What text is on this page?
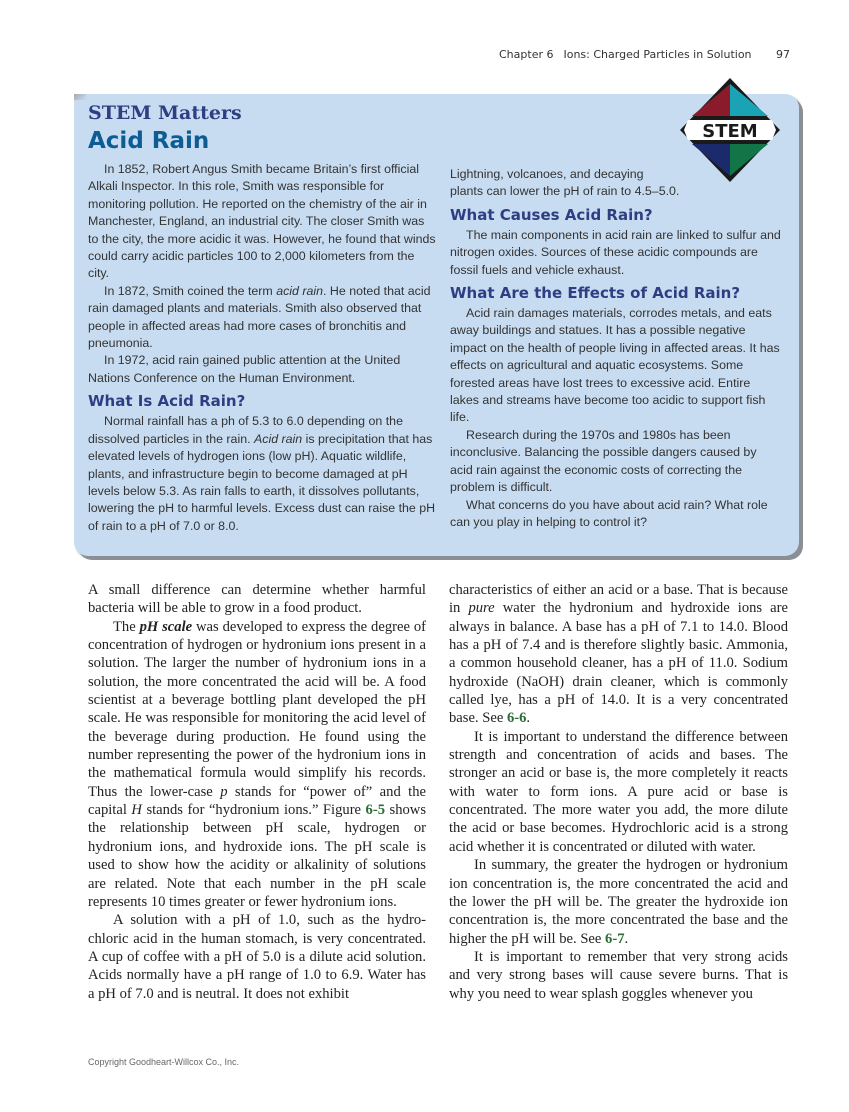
Chapter 6 Ions: Charged Particles in Solution 97
STEM Matters
Acid Rain

In 1852, Robert Angus Smith became Britain’s first official Alkali Inspector. In this role, Smith was responsible for monitoring pollution. He reported on the chemistry of the air in Manchester, England, an industrial city. The closer Smith was to the city, the more acidic it was. However, he found that winds could carry acidic particles 100 to 2,000 kilometers from the city.

In 1872, Smith coined the term acid rain. He noted that acid rain damaged plants and materials. Smith also observed that people in affected areas had more cases of bronchitis and pneumonia.

In 1972, acid rain gained public attention at the United Nations Conference on the Human Environment.

What Is Acid Rain?

Normal rainfall has a ph of 5.3 to 6.0 depending on the dissolved particles in the rain. Acid rain is precipitation that has elevated levels of hydrogen ions (low pH). Aquatic wildlife, plants, and infrastructure begin to become damaged at pH levels below 5.3. As rain falls to earth, it dissolves pollutants, lowering the pH to harmful levels. Excess dust can raise the pH of rain to a pH of 7.0 or 8.0.

Lightning, volcanoes, and decaying plants can lower the pH of rain to 4.5–5.0.

What Causes Acid Rain?

The main components in acid rain are linked to sulfur and nitrogen oxides. Sources of these acidic compounds are fossil fuels and vehicle exhaust.

What Are the Effects of Acid Rain?

Acid rain damages materials, corrodes metals, and eats away buildings and statues. It has a possible negative impact on the health of people living in affected areas. It has effects on agricultural and aquatic ecosystems. Some forested areas have lost trees to excessive acid. Entire lakes and streams have become too acidic to support fish life.

Research during the 1970s and 1980s has been inconclusive. Balancing the possible dangers caused by acid rain against the economic costs of correcting the problem is difficult.

What concerns do you have about acid rain? What role can you play in helping to control it?

STEM

A small difference can determine whether harmful bacteria will be able to grow in a food product.

The pH scale was developed to express the degree of concentration of hydrogen or hydronium ions present in a solution. The larger the number of hydronium ions in a solution, the more concentrated the acid will be. A food scientist at a beverage bottling plant developed the pH scale. He was responsible for monitoring the acid level of the beverage during production. He found using the number representing the power of the hydronium ions in the mathematical formula would simplify his records. Thus the lower-case p stands for “power of” and the capital H stands for “hydronium ions.” Figure 6-5 shows the relationship between pH scale, hydrogen or hydronium ions, and hydroxide ions. The pH scale is used to show how the acidity or alkalinity of solutions are related. Note that each number in the pH scale represents 10 times greater or fewer hydronium ions.

A solution with a pH of 1.0, such as the hydro-chloric acid in the human stomach, is very concentrated. A cup of coffee with a pH of 5.0 is a dilute acid solution. Acids normally have a pH range of 1.0 to 6.9. Water has a pH of 7.0 and is neutral. It does not exhibit

characteristics of either an acid or a base. That is because in pure water the hydronium and hydroxide ions are always in balance. A base has a pH of 7.1 to 14.0. Blood has a pH of 7.4 and is therefore slightly basic. Ammonia, a common household cleaner, has a pH of 11.0. Sodium hydroxide (NaOH) drain cleaner, which is commonly called lye, has a pH of 14.0. It is a very concentrated base. See 6-6.

It is important to understand the difference between strength and concentration of acids and bases. The stronger an acid or base is, the more completely it reacts with water to form ions. A pure acid or base is concentrated. The more water you add, the more dilute the acid or base becomes. Hydrochloric acid is a strong acid whether it is concentrated or diluted with water.

In summary, the greater the hydrogen or hydronium ion concentration is, the more concentrated the acid and the lower the pH will be. The greater the hydroxide ion concentration is, the more concentrated the base and the higher the pH will be. See 6-7.

It is important to remember that very strong acids and very strong bases will cause severe burns. That is why you need to wear splash goggles whenever you

Copyright Goodheart-Willcox Co., Inc.
